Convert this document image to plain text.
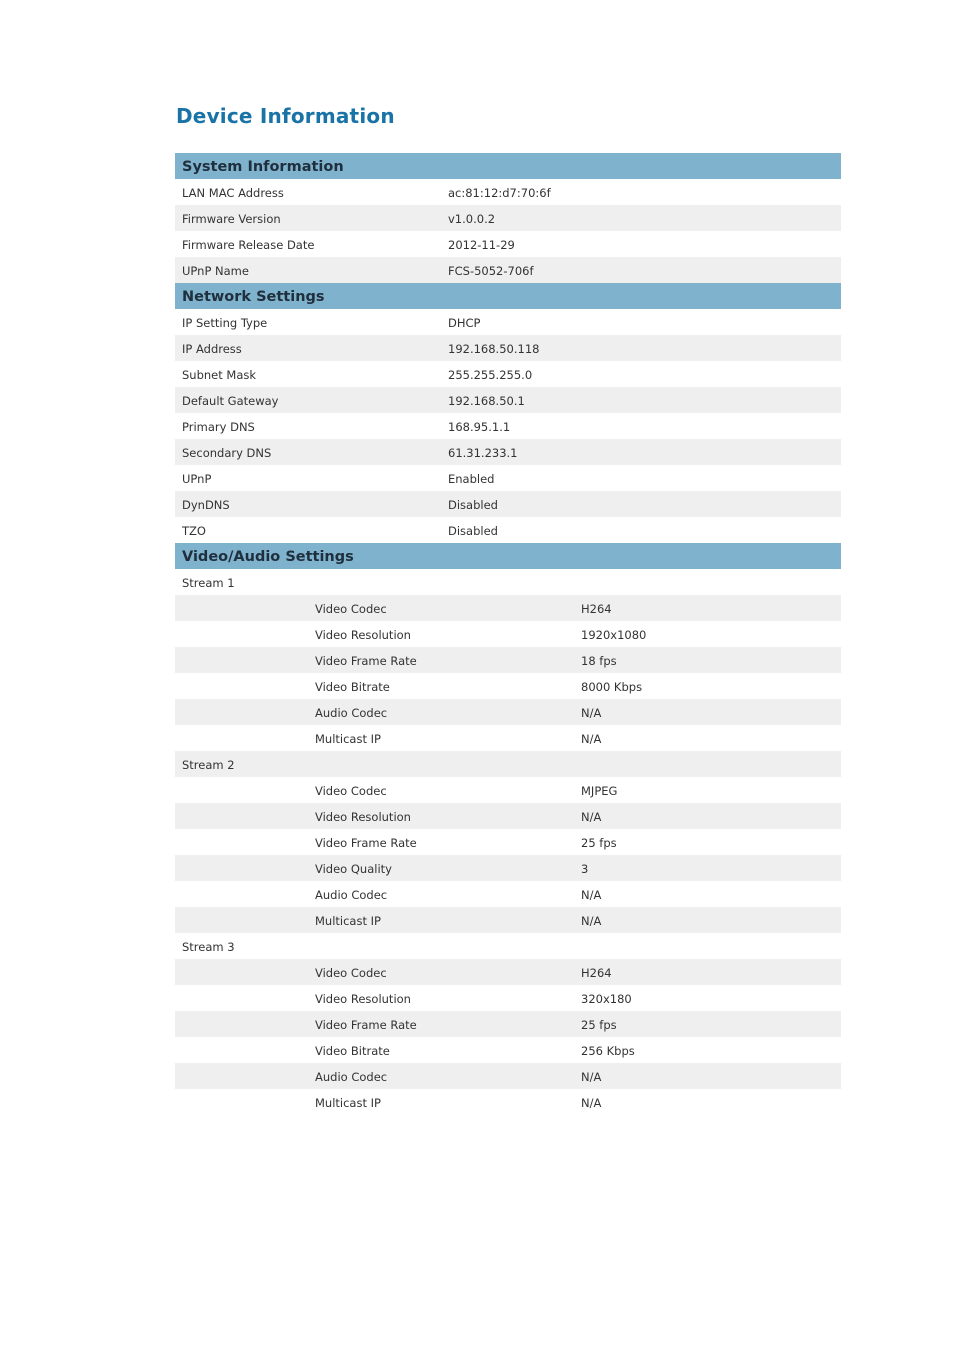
Device Information
System Information
LAN MAC Address	ac:81:12:d7:70:6f
Firmware Version	v1.0.0.2
Firmware Release Date	2012-11-29
UPnP Name	FCS-5052-706f
Network Settings
IP Setting Type	DHCP
IP Address	192.168.50.118
Subnet Mask	255.255.255.0
Default Gateway	192.168.50.1
Primary DNS	168.95.1.1
Secondary DNS	61.31.233.1
UPnP	Enabled
DynDNS	Disabled
TZO	Disabled
Video/Audio Settings
Stream 1
Video Codec	H264
Video Resolution	1920x1080
Video Frame Rate	18 fps
Video Bitrate	8000 Kbps
Audio Codec	N/A
Multicast IP	N/A
Stream 2
Video Codec	MJPEG
Video Resolution	N/A
Video Frame Rate	25 fps
Video Quality	3
Audio Codec	N/A
Multicast IP	N/A
Stream 3
Video Codec	H264
Video Resolution	320x180
Video Frame Rate	25 fps
Video Bitrate	256 Kbps
Audio Codec	N/A
Multicast IP	N/A
